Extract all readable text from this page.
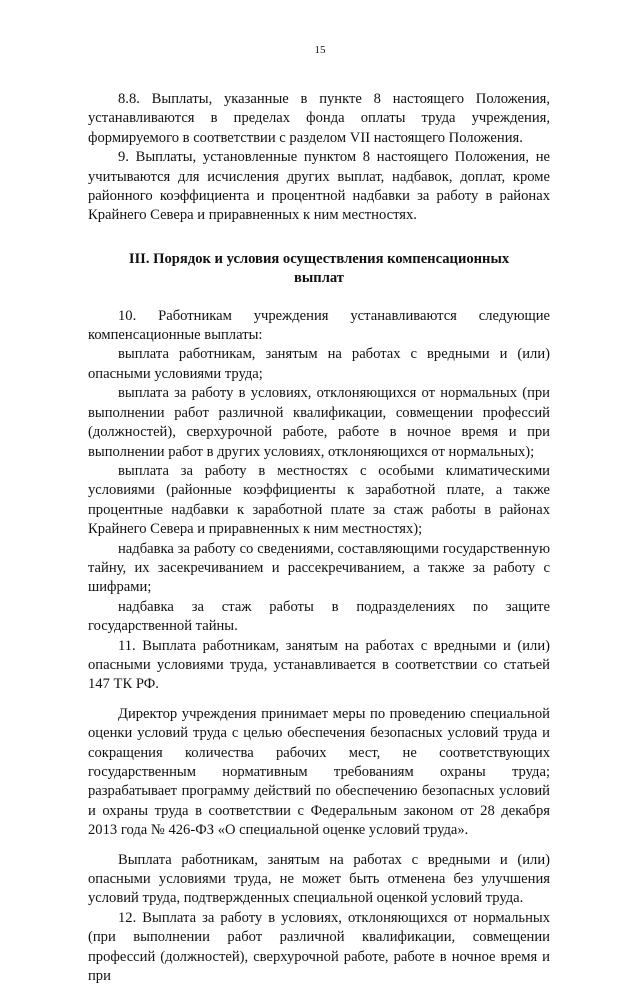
15

8.8. Выплаты, указанные в пункте 8 настоящего Положения, устанавливаются в пределах фонда оплаты труда учреждения, формируемого в соответствии с разделом VII настоящего Положения.

9. Выплаты, установленные пунктом 8 настоящего Положения, не учитываются для исчисления других выплат, надбавок, доплат, кроме районного коэффициента и процентной надбавки за работу в районах Крайнего Севера и приравненных к ним местностях.

III. Порядок и условия осуществления компенсационных выплат

10. Работникам учреждения устанавливаются следующие компенсационные выплаты:

выплата работникам, занятым на работах с вредными и (или) опасными условиями труда;

выплата за работу в условиях, отклоняющихся от нормальных (при выполнении работ различной квалификации, совмещении профессий (должностей), сверхурочной работе, работе в ночное время и при выполнении работ в других условиях, отклоняющихся от нормальных);

выплата за работу в местностях с особыми климатическими условиями (районные коэффициенты к заработной плате, а также процентные надбавки к заработной плате за стаж работы в районах Крайнего Севера и приравненных к ним местностях);

надбавка за работу со сведениями, составляющими государственную тайну, их засекречиванием и рассекречиванием, а также за работу с шифрами;

надбавка за стаж работы в подразделениях по защите государственной тайны.

11. Выплата работникам, занятым на работах с вредными и (или) опасными условиями труда, устанавливается в соответствии со статьей 147 ТК РФ.

Директор учреждения принимает меры по проведению специальной оценки условий труда с целью обеспечения безопасных условий труда и сокращения количества рабочих мест, не соответствующих государственным нормативным требованиям охраны труда; разрабатывает программу действий по обеспечению безопасных условий и охраны труда в соответствии с Федеральным законом от 28 декабря 2013 года № 426-ФЗ «О специальной оценке условий труда».

Выплата работникам, занятым на работах с вредными и (или) опасными условиями труда, не может быть отменена без улучшения условий труда, подтвержденных специальной оценкой условий труда.

12. Выплата за работу в условиях, отклоняющихся от нормальных (при выполнении работ различной квалификации, совмещении профессий (должностей), сверхурочной работе, работе в ночное время и при
